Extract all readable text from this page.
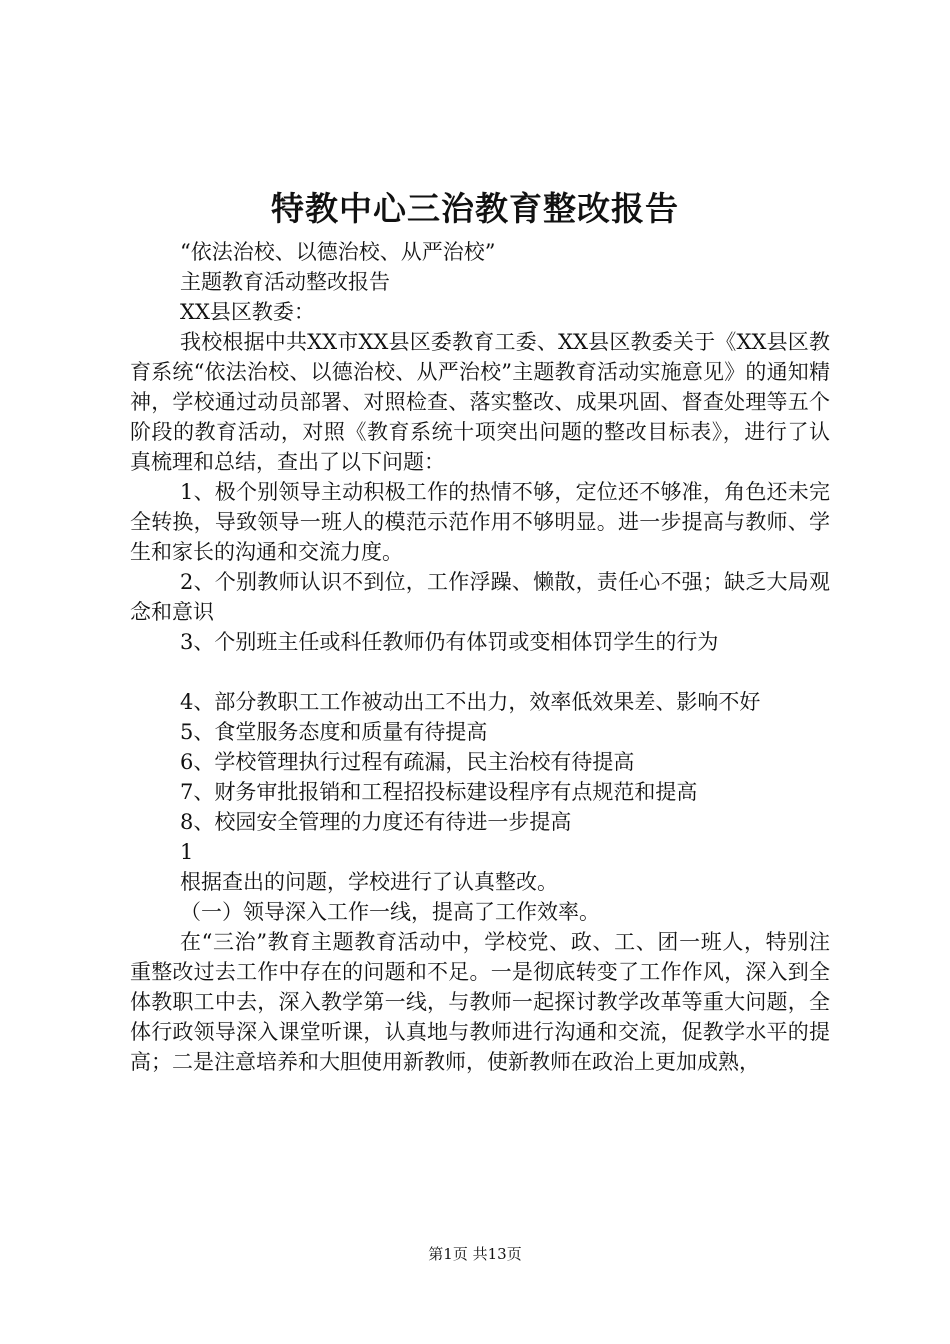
特教中心三治教育整改报告

“依法治校、以德治校、从严治校”

主题教育活动整改报告

XX县区教委：

我校根据中共XX市XX县区委教育工委、XX县区教委关于《XX县区教育系统“依法治校、以德治校、从严治校”主题教育活动实施意见》的通知精神，学校通过动员部署、对照检查、落实整改、成果巩固、督查处理等五个阶段的教育活动，对照《教育系统十项突出问题的整改目标表》，进行了认真梳理和总结，查出了以下问题：

1、极个别领导主动积极工作的热情不够，定位还不够准，角色还未完全转换，导致领导一班人的模范示范作用不够明显。进一步提高与教师、学生和家长的沟通和交流力度。

2、个别教师认识不到位，工作浮躁、懒散，责任心不强；缺乏大局观念和意识

3、个别班主任或科任教师仍有体罚或变相体罚学生的行为

4、部分教职工工作被动出工不出力，效率低效果差、影响不好

5、食堂服务态度和质量有待提高

6、学校管理执行过程有疏漏，民主治校有待提高

7、财务审批报销和工程招投标建设程序有点规范和提高

8、校园安全管理的力度还有待进一步提高

1

根据查出的问题，学校进行了认真整改。

（一）领导深入工作一线，提高了工作效率。

在“三治”教育主题教育活动中，学校党、政、工、团一班人，特别注重整改过去工作中存在的问题和不足。一是彻底转变了工作作风，深入到全体教职工中去，深入教学第一线，与教师一起探讨教学改革等重大问题，全体行政领导深入课堂听课，认真地与教师进行沟通和交流，促教学水平的提高；二是注意培养和大胆使用新教师，使新教师在政治上更加成熟，

第1页 共13页
